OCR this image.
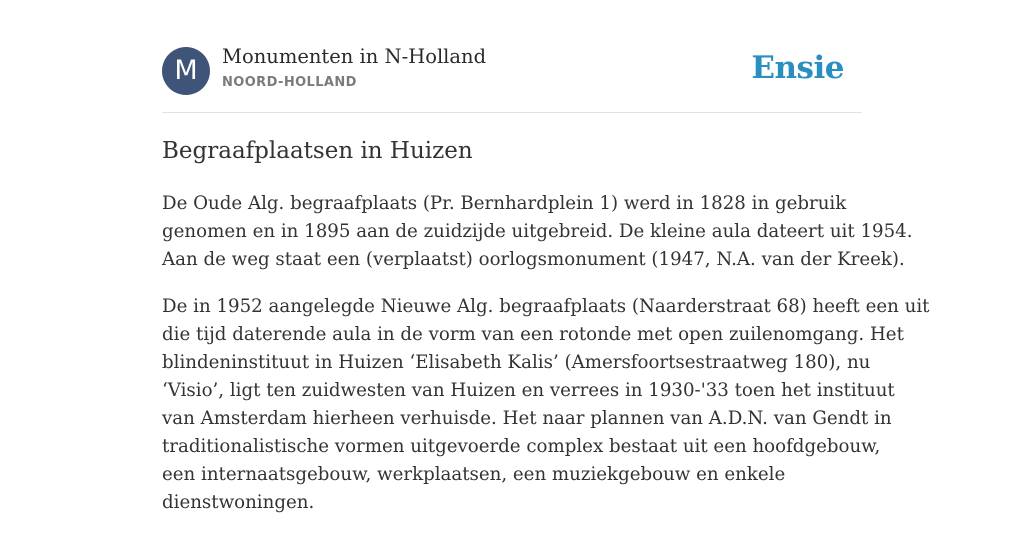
M	Monumenten in N-Holland
NOORD-HOLLAND	Ensie
Begraafplaatsen in Huizen

De Oude Alg. begraafplaats (Pr. Bernhardplein 1) werd in 1828 in gebruik
genomen en in 1895 aan de zuidzijde uitgebreid. De kleine aula dateert uit 1954.
Aan de weg staat een (verplaatst) oorlogsmonument (1947, N.A. van der Kreek).

De in 1952 aangelegde Nieuwe Alg. begraafplaats (Naarderstraat 68) heeft een uit
die tijd daterende aula in de vorm van een rotonde met open zuilenomgang. Het
blindeninstituut in Huizen ‘Elisabeth Kalis’ (Amersfoortsestraatweg 180), nu
‘Visio’, ligt ten zuidwesten van Huizen en verrees in 1930-'33 toen het instituut
van Amsterdam hierheen verhuisde. Het naar plannen van A.D.N. van Gendt in
traditionalistische vormen uitgevoerde complex bestaat uit een hoofdgebouw,
een internaatsgebouw, werkplaatsen, een muziekgebouw en enkele
dienstwoningen.
